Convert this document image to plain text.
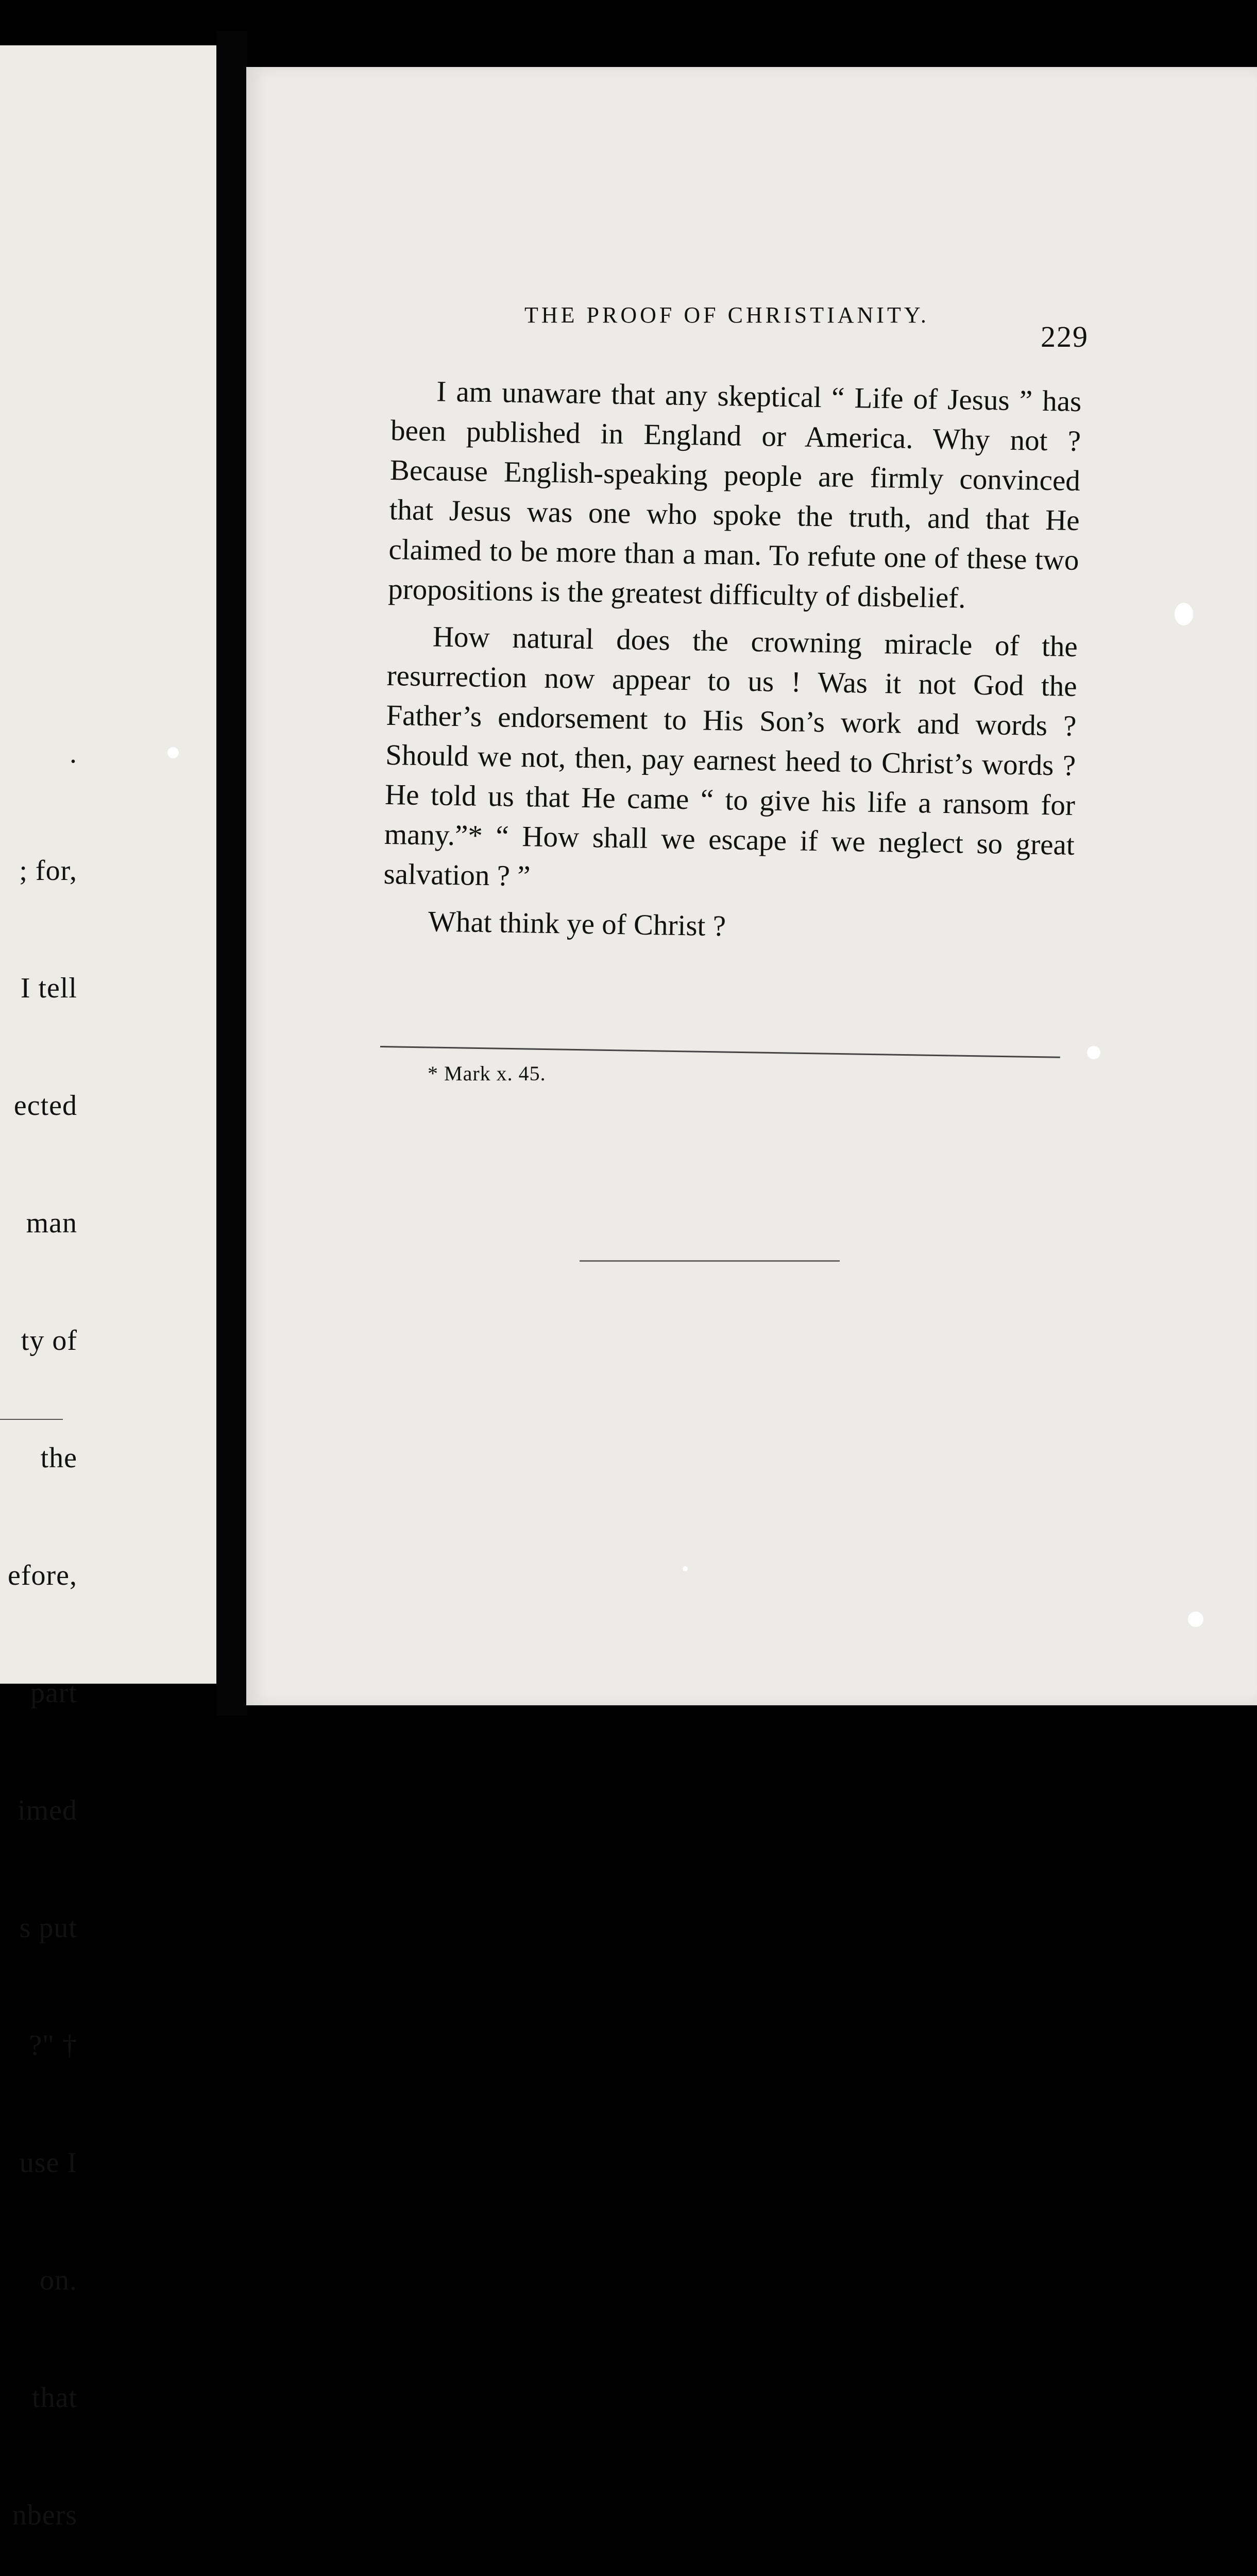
.

; for,

I tell

ected

man

ty of

the

efore,

part

imed

s put

?" †

use I

on.

that

nbers

THE PROOF OF CHRISTIANITY.
229

I am unaware that any skeptical “ Life of Jesus ” has been published in England or America. Why not ? Because English-speaking people are firmly convinced that Jesus was one who spoke the truth, and that He claimed to be more than a man. To refute one of these two propositions is the greatest difficulty of disbelief.

How natural does the crowning miracle of the resurrection now appear to us ! Was it not God the Father’s endorsement to His Son’s work and words ? Should we not, then, pay earnest heed to Christ’s words ? He told us that He came “ to give his life a ransom for many.”* “ How shall we escape if we neglect so great salvation ? ”

What think ye of Christ ?

* Mark x. 45.
